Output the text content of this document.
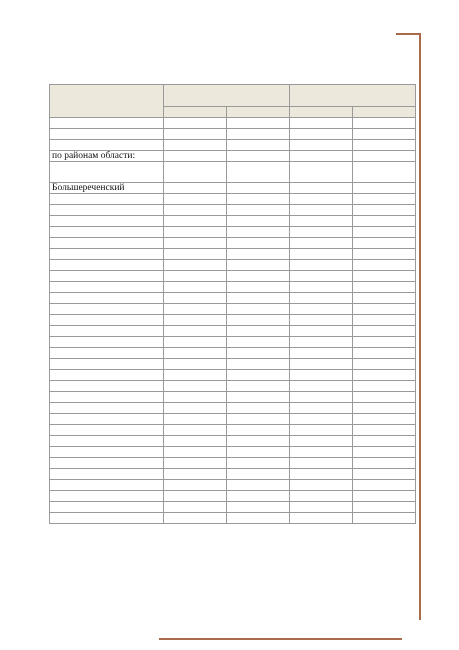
по районам области:				

Большереченский				
